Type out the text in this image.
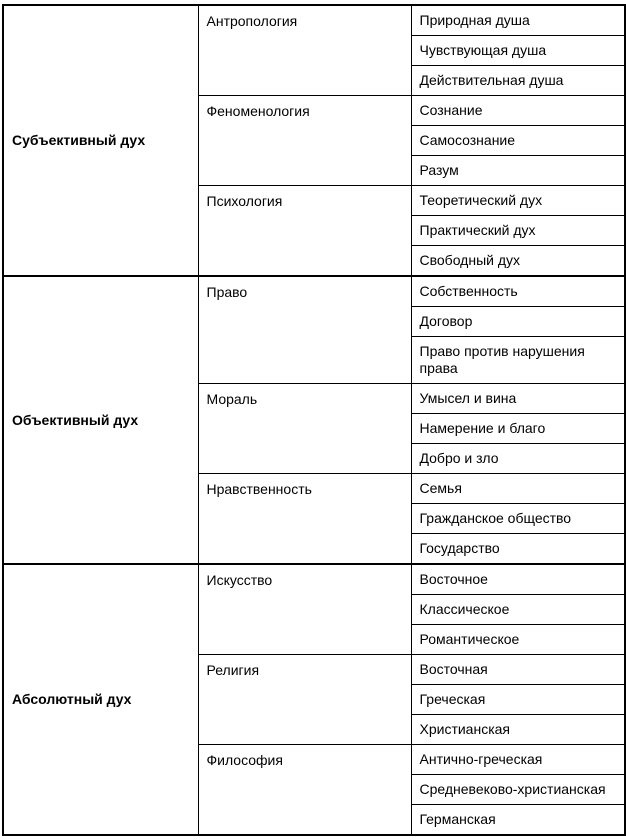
Субъективный дух	Антропология	Природная душа
		Чувствующая душа
		Действительная душа
	Феноменология	Сознание
		Самосознание
		Разум
	Психология	Теоретический дух
		Практический дух
		Свободный дух
Объективный дух	Право	Собственность
		Договор
		Право против нарушения права
	Мораль	Умысел и вина
		Намерение и благо
		Добро и зло
	Нравственность	Семья
		Гражданское общество
		Государство
Абсолютный дух	Искусство	Восточное
		Классическое
		Романтическое
	Религия	Восточная
		Греческая
		Христианская
	Философия	Антично-греческая
		Средневеково-христианская
		Германская
